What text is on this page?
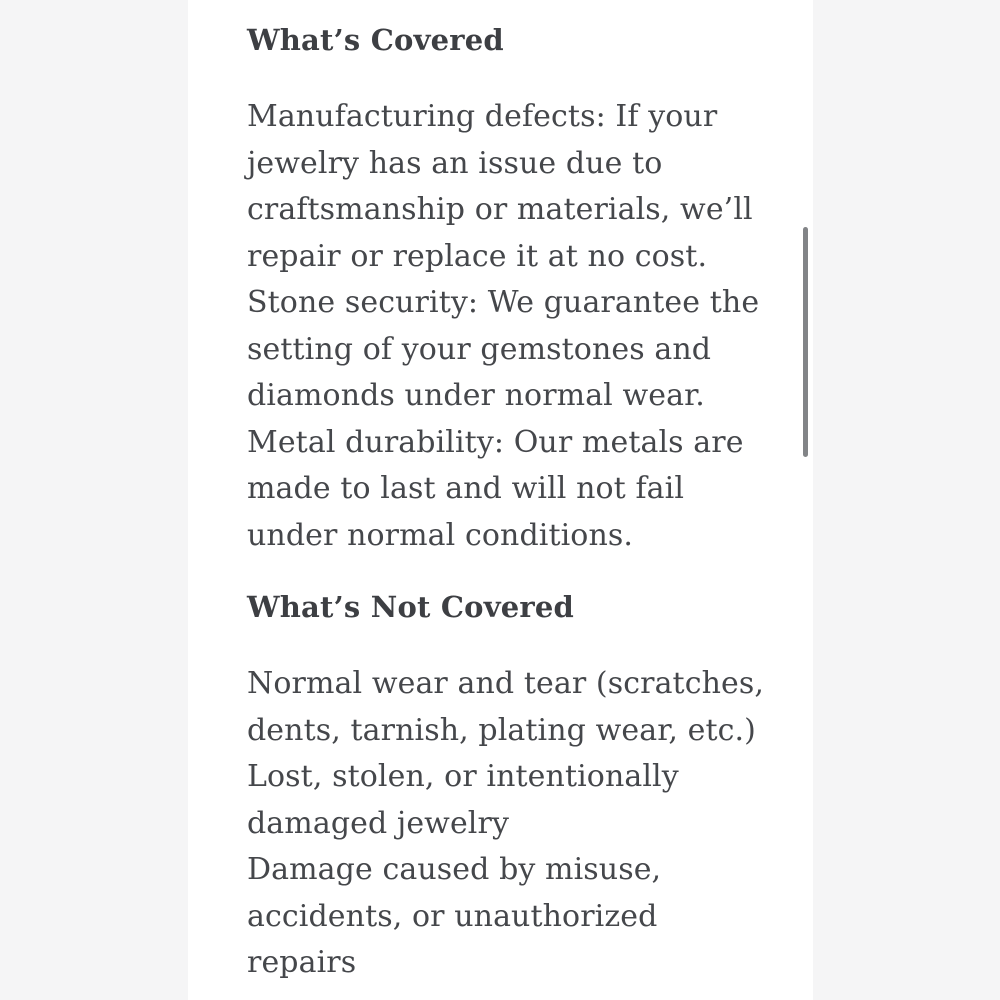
What’s Covered
Manufacturing defects: If your
jewelry has an issue due to
craftsmanship or materials, we’ll
repair or replace it at no cost.
Stone security: We guarantee the
setting of your gemstones and
diamonds under normal wear.
Metal durability: Our metals are
made to last and will not fail
under normal conditions.
What’s Not Covered
Normal wear and tear (scratches,
dents, tarnish, plating wear, etc.)
Lost, stolen, or intentionally
damaged jewelry
Damage caused by misuse,
accidents, or unauthorized
repairs
